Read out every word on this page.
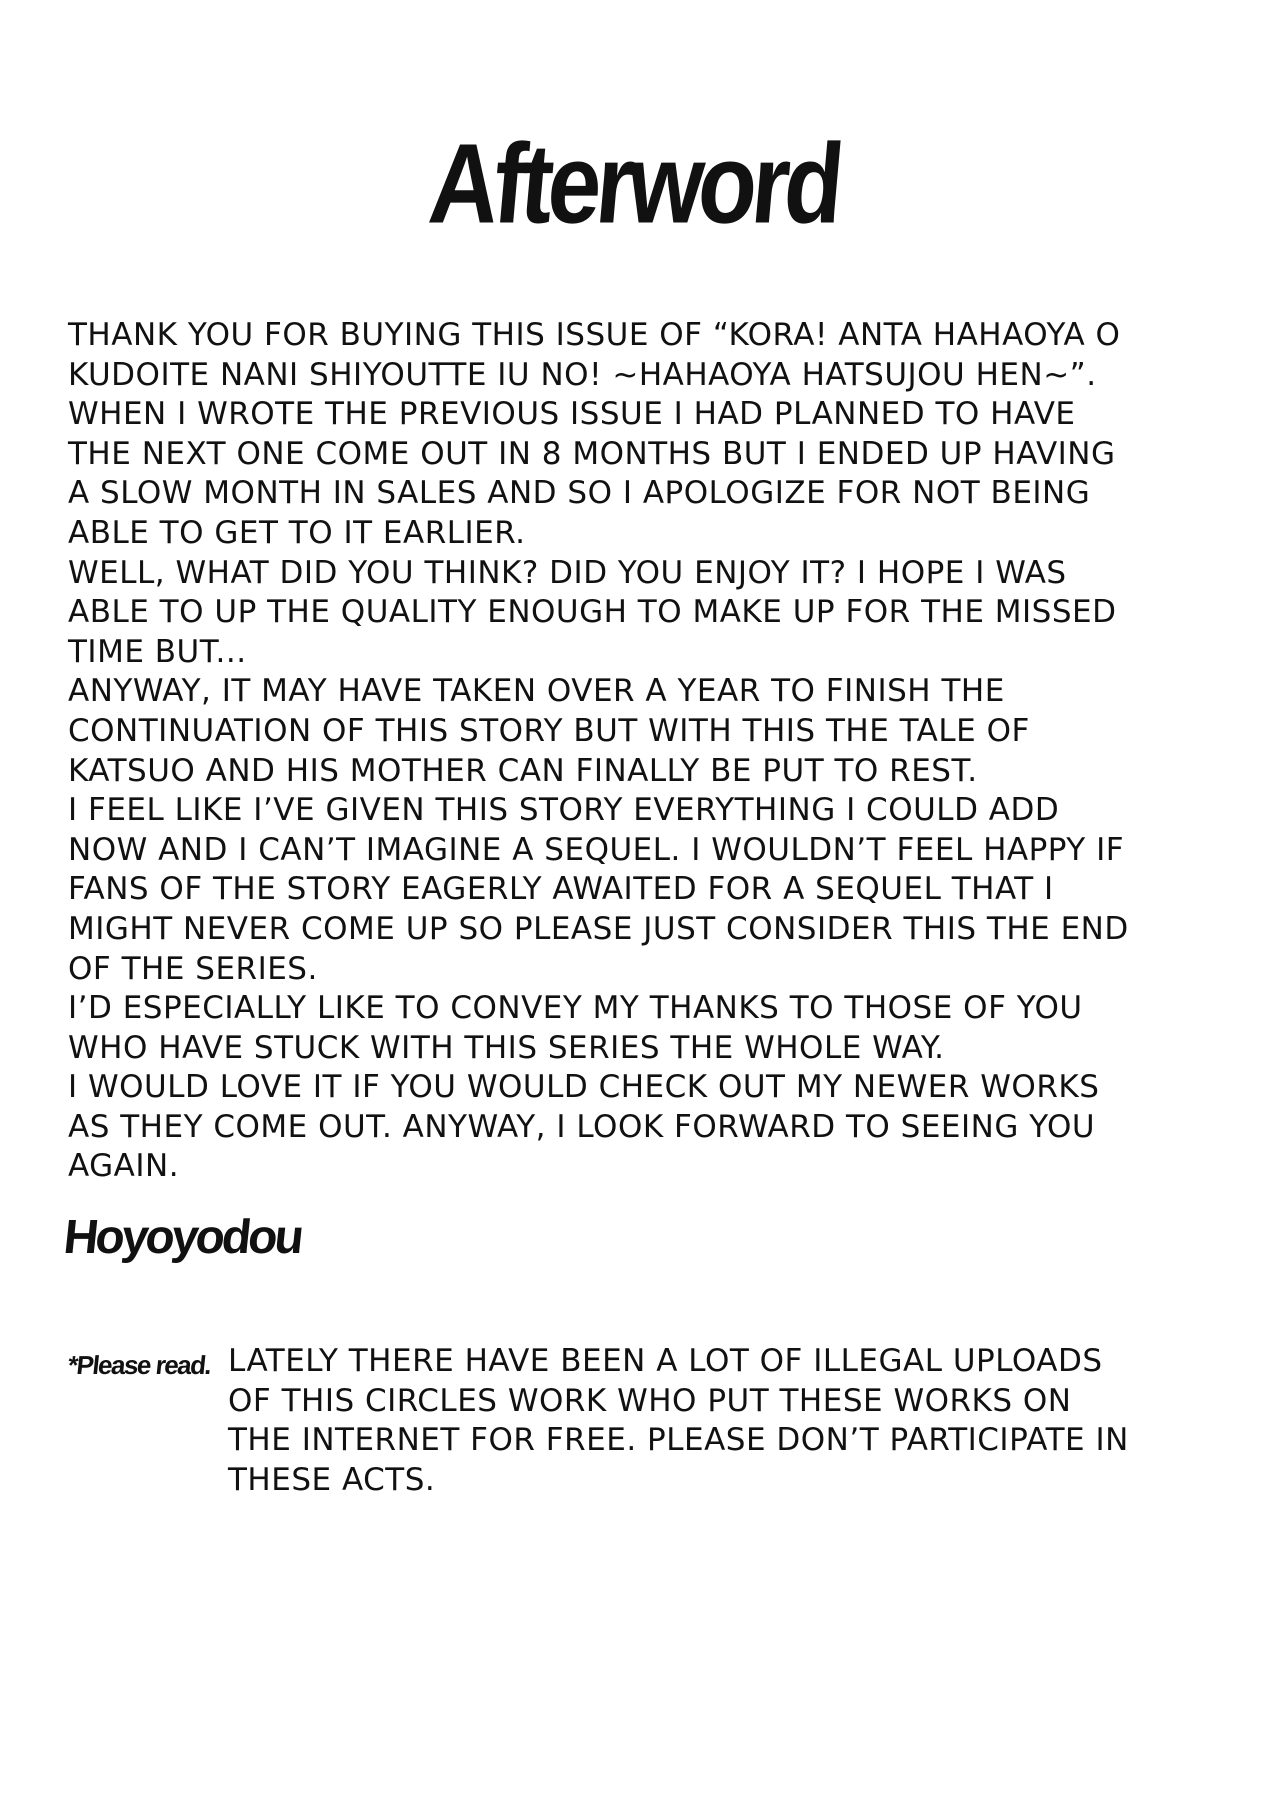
Afterword
THANK YOU FOR BUYING THIS ISSUE OF “KORA! ANTA HAHAOYA O
KUDOITE NANI SHIYOUTTE IU NO! ~HAHAOYA HATSUJOU HEN~”.
WHEN I WROTE THE PREVIOUS ISSUE I HAD PLANNED TO HAVE
THE NEXT ONE COME OUT IN 8 MONTHS BUT I ENDED UP HAVING
A SLOW MONTH IN SALES AND SO I APOLOGIZE FOR NOT BEING
ABLE TO GET TO IT EARLIER.
WELL, WHAT DID YOU THINK? DID YOU ENJOY IT? I HOPE I WAS
ABLE TO UP THE QUALITY ENOUGH TO MAKE UP FOR THE MISSED
TIME BUT...
ANYWAY, IT MAY HAVE TAKEN OVER A YEAR TO FINISH THE
CONTINUATION OF THIS STORY BUT WITH THIS THE TALE OF
KATSUO AND HIS MOTHER CAN FINALLY BE PUT TO REST.
I FEEL LIKE I’VE GIVEN THIS STORY EVERYTHING I COULD ADD
NOW AND I CAN’T IMAGINE A SEQUEL. I WOULDN’T FEEL HAPPY IF
FANS OF THE STORY EAGERLY AWAITED FOR A SEQUEL THAT I
MIGHT NEVER COME UP SO PLEASE JUST CONSIDER THIS THE END
OF THE SERIES.
I’D ESPECIALLY LIKE TO CONVEY MY THANKS TO THOSE OF YOU
WHO HAVE STUCK WITH THIS SERIES THE WHOLE WAY.
I WOULD LOVE IT IF YOU WOULD CHECK OUT MY NEWER WORKS
AS THEY COME OUT. ANYWAY, I LOOK FORWARD TO SEEING YOU
AGAIN.
Hoyoyodou
*Please read. LATELY THERE HAVE BEEN A LOT OF ILLEGAL UPLOADS
OF THIS CIRCLES WORK WHO PUT THESE WORKS ON
THE INTERNET FOR FREE. PLEASE DON’T PARTICIPATE IN
THESE ACTS.
